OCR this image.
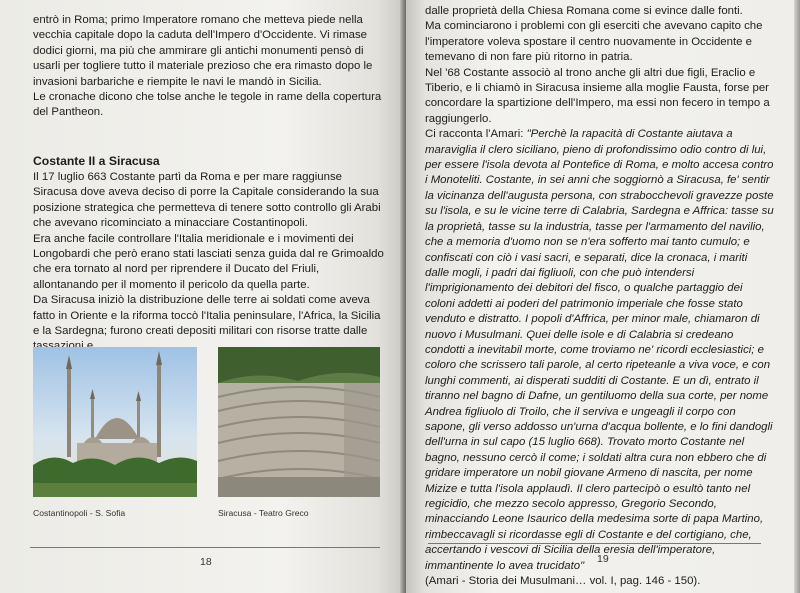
entrò in Roma; primo Imperatore romano che metteva piede nella vecchia capitale dopo la caduta dell'Impero d'Occidente. Vi rimase dodici giorni, ma più che ammirare gli antichi monumenti pensò di usarli per togliere tutto il materiale prezioso che era rimasto dopo le invasioni barbariche e riempite le navi le mandò in Sicilia.

Le cronache dicono che tolse anche le tegole in rame della copertura del Pantheon.

Costante II a Siracusa

Il 17 luglio 663 Costante partì da Roma e per mare raggiunse Siracusa dove aveva deciso di porre la Capitale considerando la sua posizione strategica che permetteva di tenere sotto controllo gli Arabi che avevano ricominciato a minacciare Costantinopoli.

Era anche facile controllare l'Italia meridionale e i movimenti dei Longobardi che però erano stati lasciati senza guida dal re Grimoaldo che era tornato al nord per riprendere il Ducato del Friuli, allontanando per il momento il pericolo da quella parte.

Da Siracusa iniziò la distribuzione delle terre ai soldati come aveva fatto in Oriente e la riforma toccò l'Italia peninsulare, l'Africa, la Sicilia e la Sardegna; furono creati depositi militari con risorse tratte dalle

Costantinopoli - S. Sofia	Siracusa - Teatro Greco
18

dalle proprietà della Chiesa Romana come si evince dalle fonti.

Ma cominciarono i problemi con gli eserciti che avevano capito che l'imperatore voleva spostare il centro nuovamente in Occidente e temevano di non fare più ritorno in patria.

Nel '68 Costante associò al trono anche gli altri due figli, Eraclio e Tiberio, e li chiamò in Siracusa insieme alla moglie Fausta, forse per concordare la spartizione dell'Impero, ma essi non fecero in tempo a raggiungerlo.

Ci racconta l'Amari: "Perchè la rapacità di Costante aiutava a maraviglia il clero siciliano, pieno di profondissimo odio contro di lui, per essere l'isola devota al Pontefice di Roma, e molto accesa contro i Monoteliti. Costante, in sei anni che soggiornò a Siracusa, fe' sentir la vicinanza dell'augusta persona, con strabocchevoli gravezze poste su l'isola, e su le vicine terre di Calabria, Sardegna e Affrica: tasse su la proprietà, tasse su la industria, tasse per l'armamento del navilio, che a memoria d'uomo non se n'era sofferto mai tanto cumulo; e confiscati con ciò i vasi sacri, e separati, dice la cronaca, i mariti dalle mogli, i padri dai figliuoli, con che può intendersi l'imprigionamento dei debitori del fisco, o qualche partaggio dei coloni addetti ai poderi del patrimonio imperiale che fosse stato venduto e distratto. I popoli d'Affrica, per minor male, chiamaron di nuovo i Musulmani. Quei delle isole e di Calabria si credeano condotti a inevitabil morte, come troviamo ne' ricordi ecclesiastici; e coloro che scrissero tali parole, al certo ripeteanle a viva voce, e con lunghi commenti, ai disperati sudditi di Costante. E un dì, entrato il tiranno nel bagno di Dafne, un gentiluomo della sua corte, per nome Andrea figliuolo di Troilo, che il serviva e ungeagli il corpo con sapone, gli verso addosso un'urna d'acqua bollente, e lo fini dandogli dell'urna in sul capo (15 luglio 668). Trovato morto Costante nel bagno, nessuno cercò il come; i soldati altra cura non ebbero che di gridare imperatore un nobil giovane Armeno di nascita, per nome Mizize e tutta l'isola applaudì. Il clero partecipò o esultò tanto nel regicidio, che mezzo secolo appresso, Gregorio Secondo, minacciando Leone Isaurico della medesima sorte di papa Martino, rimbeccavagli si ricordasse egli di Costante e del cortigiano, che, accertando i vescovi di Sicilia della eresia dell'imperatore, immantinente lo avea trucidato"

(Amari - Storia dei Musulmani… vol. I, pag. 146 - 150).

19
